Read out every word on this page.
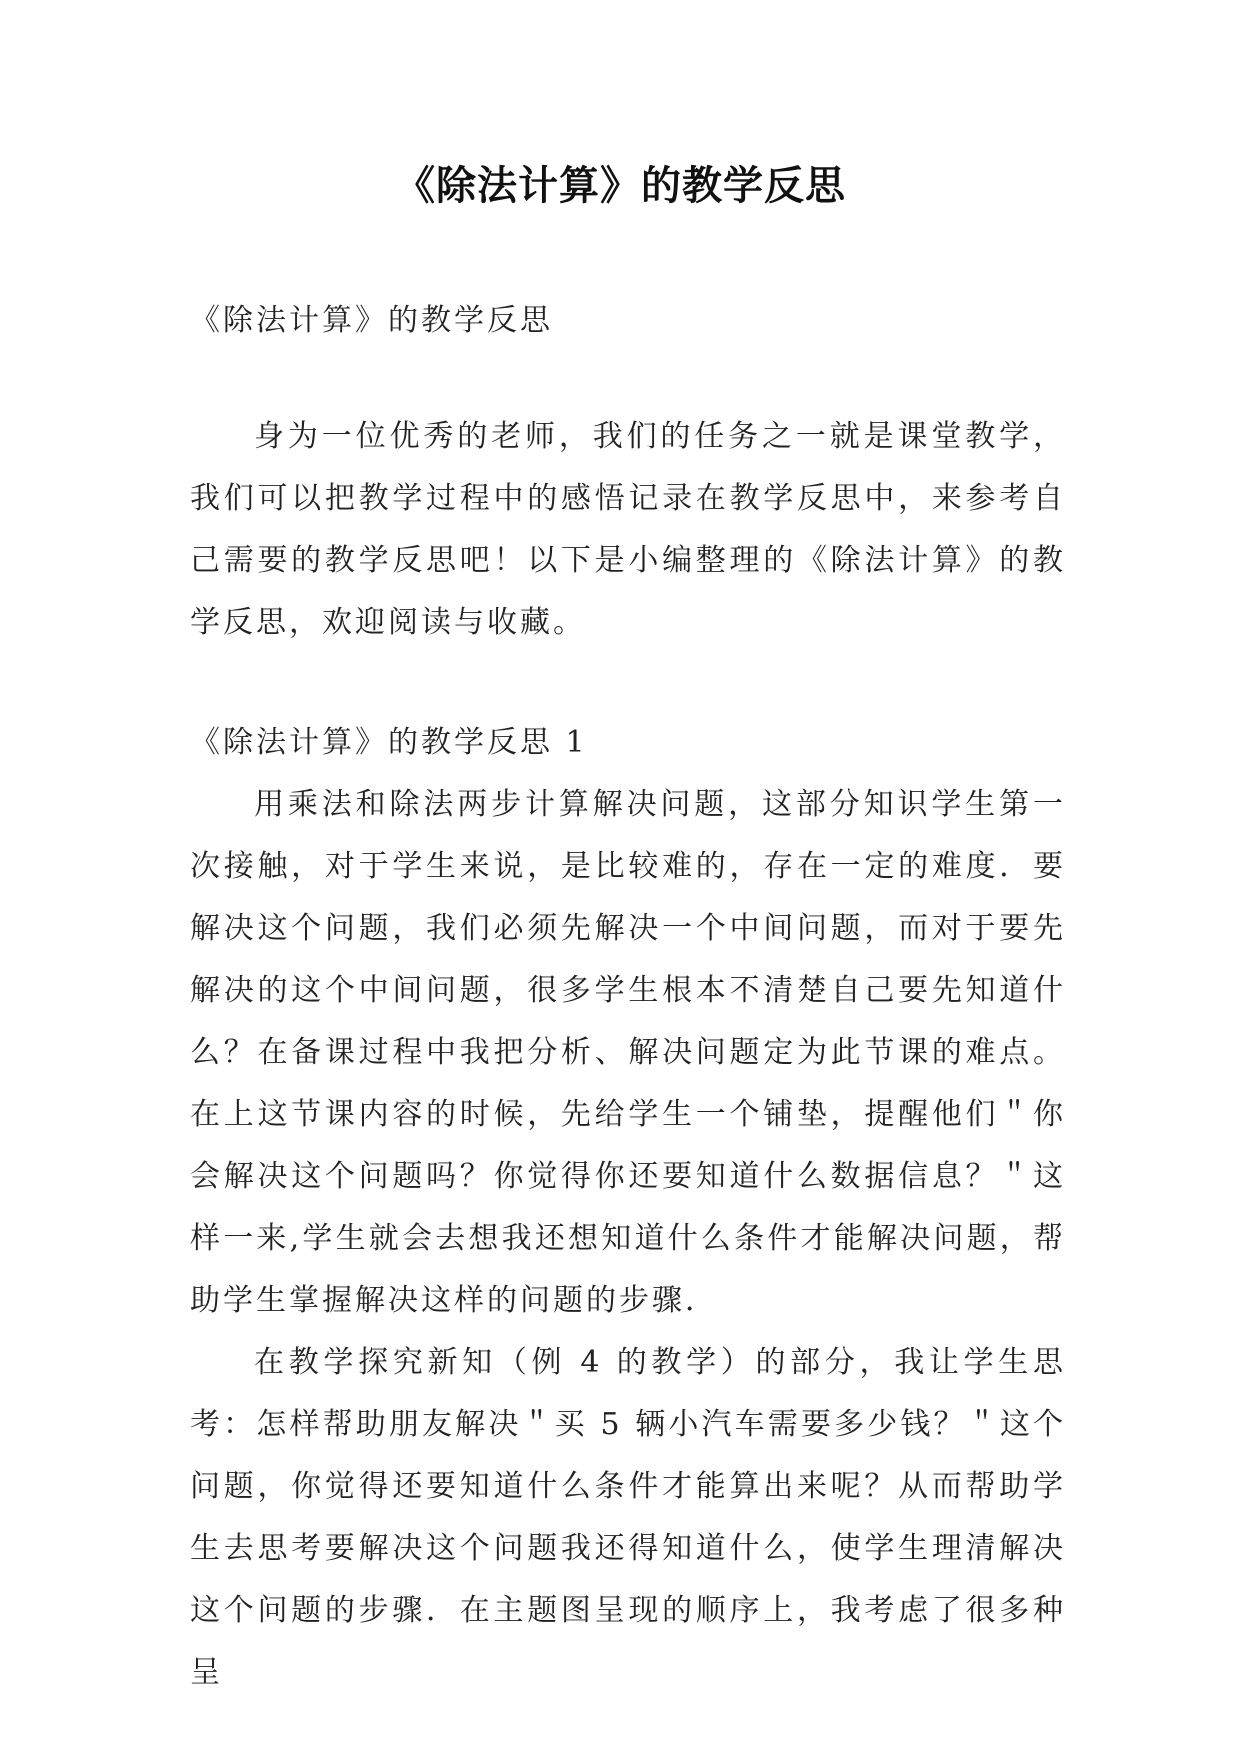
《除法计算》的教学反思

《除法计算》的教学反思

身为一位优秀的老师，我们的任务之一就是课堂教学，我们可以把教学过程中的感悟记录在教学反思中，来参考自己需要的教学反思吧！以下是小编整理的《除法计算》的教学反思，欢迎阅读与收藏。

《除法计算》的教学反思 1

用乘法和除法两步计算解决问题，这部分知识学生第一次接触，对于学生来说，是比较难的，存在一定的难度．要解决这个问题，我们必须先解决一个中间问题，而对于要先解决的这个中间问题，很多学生根本不清楚自己要先知道什么？在备课过程中我把分析、解决问题定为此节课的难点。在上这节课内容的时候，先给学生一个铺垫，提醒他们＂你会解决这个问题吗？你觉得你还要知道什么数据信息？＂这样一来,学生就会去想我还想知道什么条件才能解决问题，帮助学生掌握解决这样的问题的步骤．

在教学探究新知（例 4 的教学）的部分，我让学生思考：怎样帮助朋友解决＂买 5 辆小汽车需要多少钱？＂这个问题，你觉得还要知道什么条件才能算出来呢？从而帮助学生去思考要解决这个问题我还得知道什么，使学生理清解决这个问题的步骤．在主题图呈现的顺序上，我考虑了很多种呈
